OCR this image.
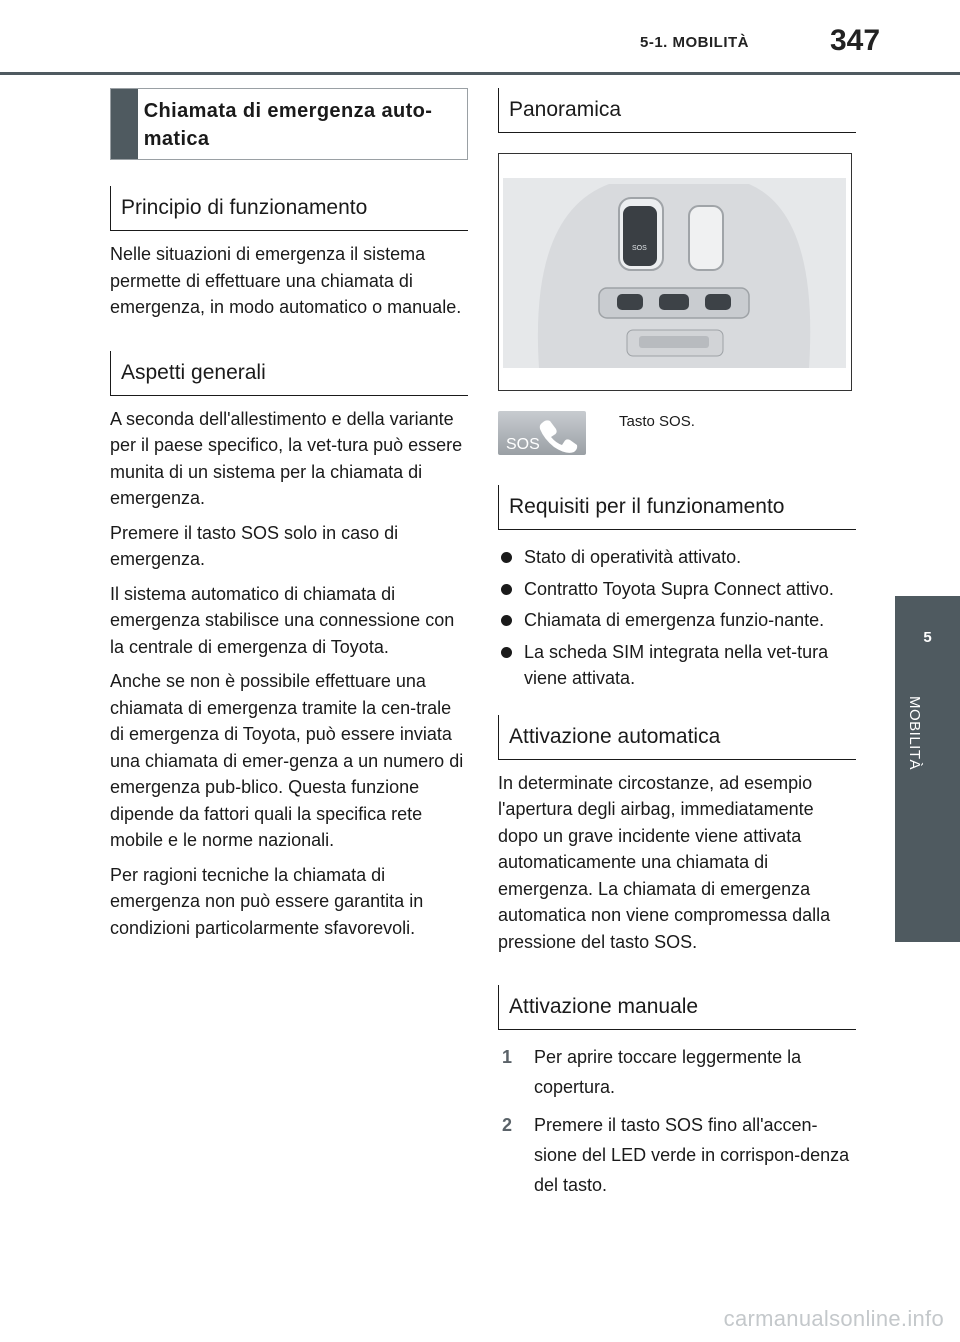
5-1. MOBILITÀ	347
5
MOBILITÀ
Chiamata di emergenza auto-matica
Principio di funzionamento

Nelle situazioni di emergenza il sistema permette di effettuare una chiamata di emergenza, in modo automatico o manuale.

Aspetti generali

A seconda dell'allestimento e della variante per il paese specifico, la vet-tura può essere munita di un sistema per la chiamata di emergenza.

Premere il tasto SOS solo in caso di emergenza.

Il sistema automatico di chiamata di emergenza stabilisce una connessione con la centrale di emergenza di Toyota.

Anche se non è possibile effettuare una chiamata di emergenza tramite la cen-trale di emergenza di Toyota, può essere inviata una chiamata di emer-genza a un numero di emergenza pub-blico. Questa funzione dipende da fattori quali la specifica rete mobile e le norme nazionali.

Per ragioni tecniche la chiamata di emergenza non può essere garantita in condizioni particolarmente sfavorevoli.

Panoramica
SOS
SOS
Tasto SOS.
Requisiti per il funzionamento
Stato di operatività attivato.
Contratto Toyota Supra Connect attivo.
Chiamata di emergenza funzio-nante.
La scheda SIM integrata nella vet-tura viene attivata.
Attivazione automatica

In determinate circostanze, ad esempio l'apertura degli airbag, immediatamente dopo un grave incidente viene attivata automaticamente una chiamata di emergenza. La chiamata di emergenza automatica non viene compromessa dalla pressione del tasto SOS.

Attivazione manuale
1	Per aprire toccare leggermente la copertura.
2	Premere il tasto SOS fino all'accen-sione del LED verde in corrispon-denza del tasto.
carmanualsonline.info
